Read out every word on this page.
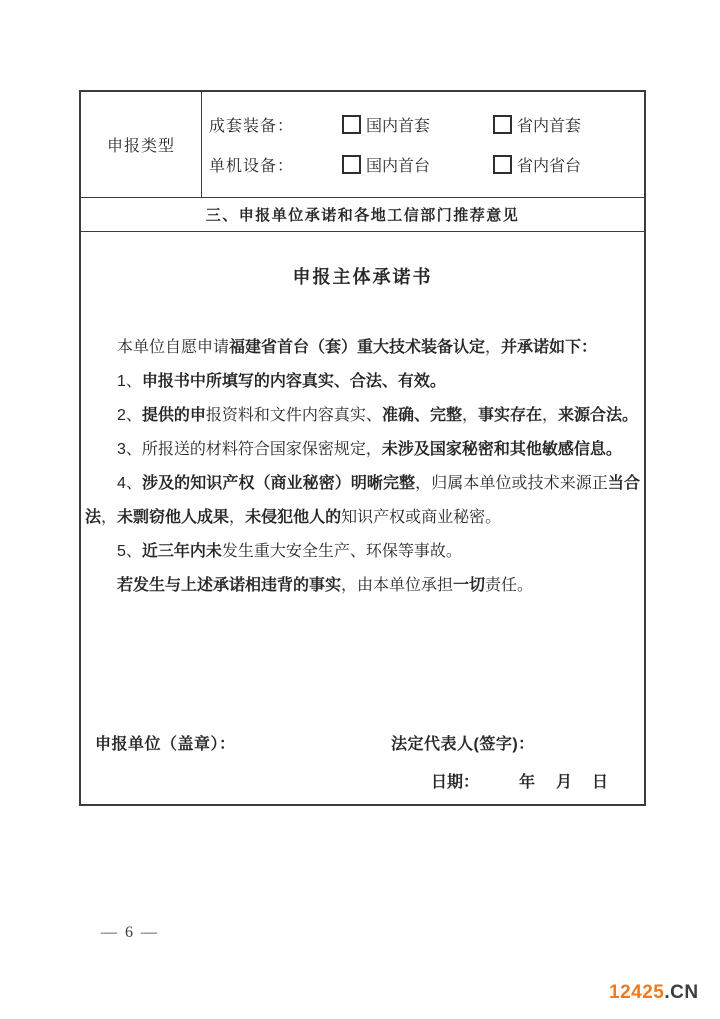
申报类型
成套装备：	国内首套	省内首套
单机设备：	国内首台	省内省台
三、申报单位承诺和各地工信部门推荐意见
申报主体承诺书

本单位自愿申请福建省首台（套）重大技术装备认定，并承诺如下：

1、申报书中所填写的内容真实、合法、有效。

2、提供的申报资料和文件内容真实、准确、完整，事实存在，来源合法。

3、所报送的材料符合国家保密规定，未涉及国家秘密和其他敏感信息。

4、涉及的知识产权（商业秘密）明晰完整，归属本单位或技术来源正当合法，未剽窃他人成果，未侵犯他人的知识产权或商业秘密。

5、近三年内未发生重大安全生产、环保等事故。

若发生与上述承诺相违背的事实，由本单位承担一切责任。

申报单位（盖章）：	法定代表人(签字)：
日期： 年 月 日
— 6 —
12425.CN
